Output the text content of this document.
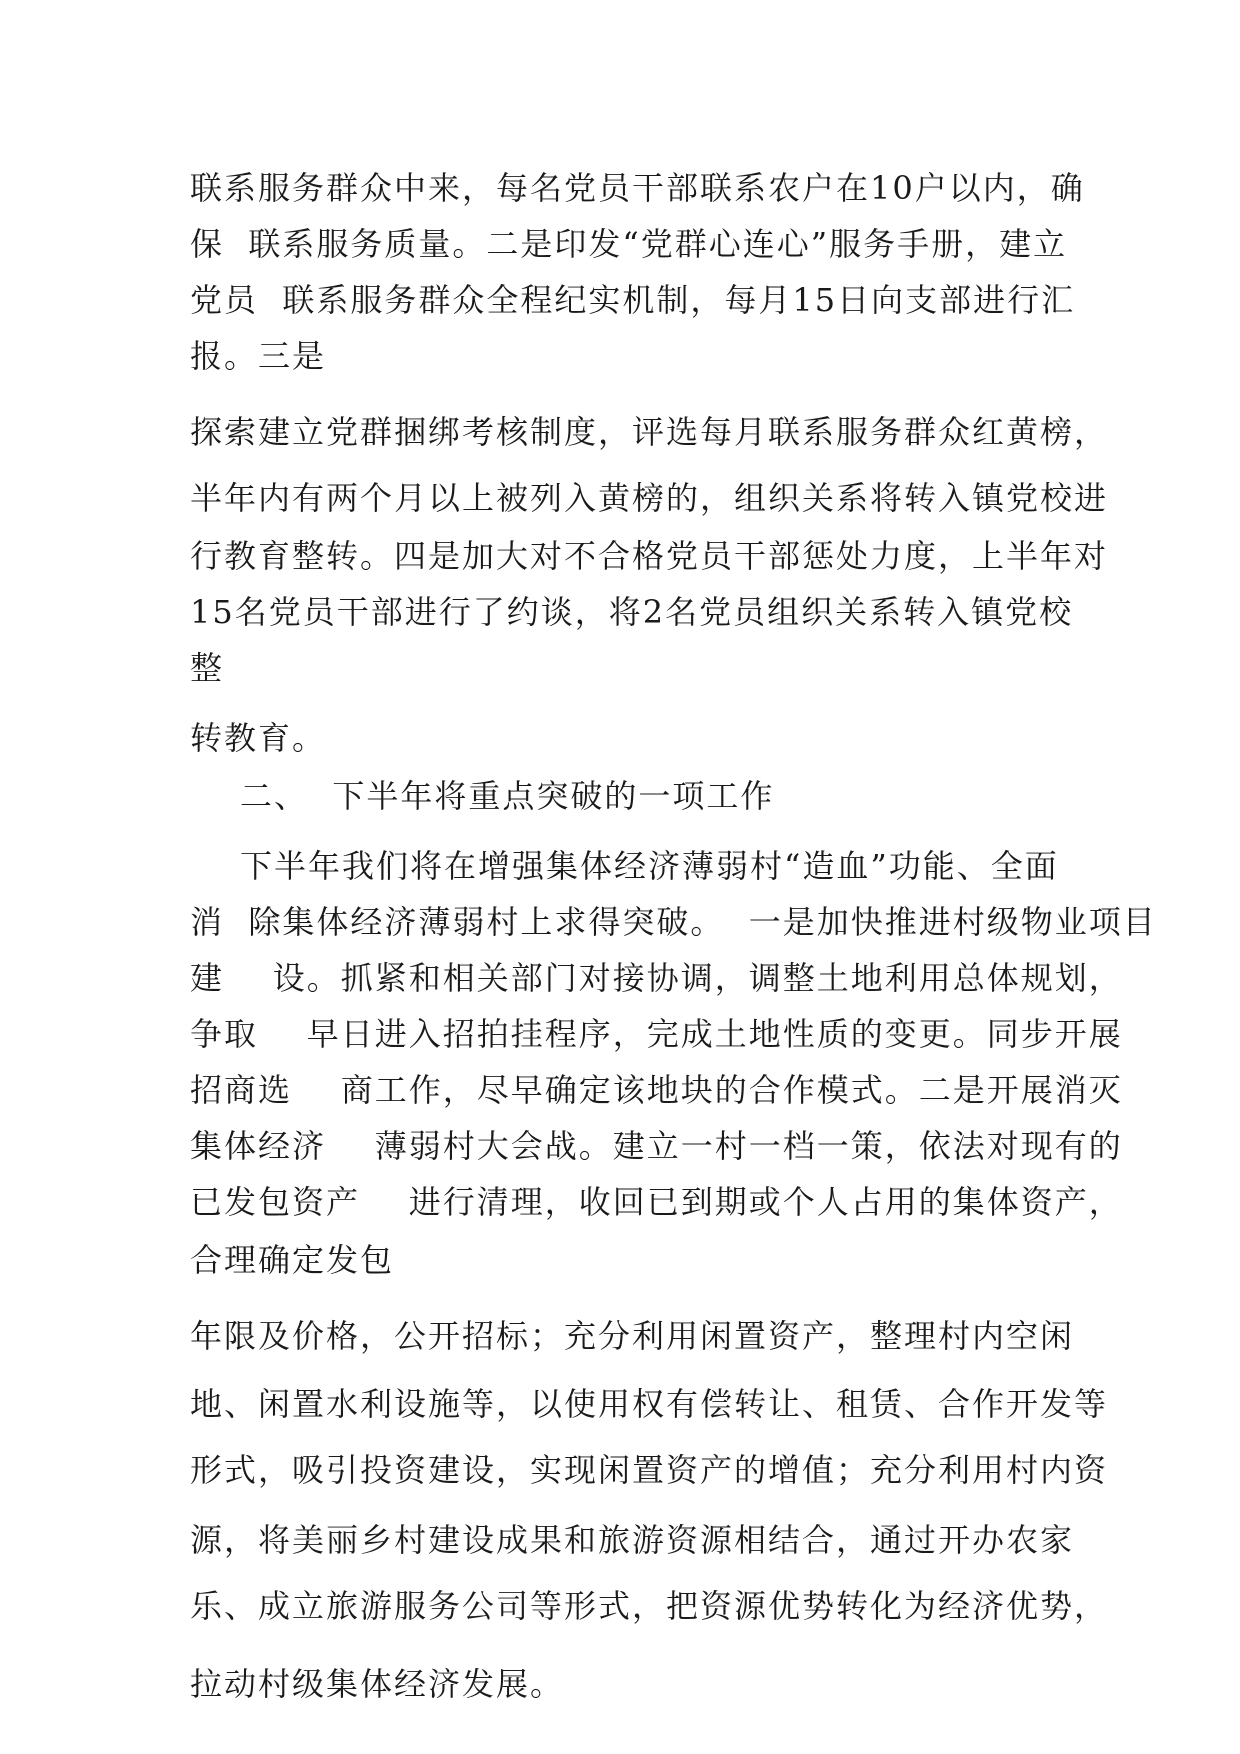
联系服务群众中来，每名党员干部联系农户在10户以内，确
保  联系服务质量。二是印发“党群心连心”服务手册，建立
党员  联系服务群众全程纪实机制，每月15日向支部进行汇
报。三是
探索建立党群捆绑考核制度，评选每月联系服务群众红黄榜，
半年内有两个月以上被列入黄榜的，组织关系将转入镇党校进
行教育整转。四是加大对不合格党员干部惩处力度，上半年对
15名党员干部进行了约谈，将2名党员组织关系转入镇党校
整
转教育。
二、  下半年将重点突破的一项工作
下半年我们将在增强集体经济薄弱村“造血”功能、全面
消  除集体经济薄弱村上求得突破。  一是加快推进村级物业项目
建    设。抓紧和相关部门对接协调，调整土地利用总体规划，
争取    早日进入招拍挂程序，完成土地性质的变更。同步开展
招商选    商工作，尽早确定该地块的合作模式。二是开展消灭
集体经济    薄弱村大会战。建立一村一档一策，依法对现有的
已发包资产    进行清理，收回已到期或个人占用的集体资产，
合理确定发包
年限及价格，公开招标；充分利用闲置资产，整理村内空闲
地、闲置水利设施等，以使用权有偿转让、租赁、合作开发等
形式，吸引投资建设，实现闲置资产的增值；充分利用村内资
源，将美丽乡村建设成果和旅游资源相结合，通过开办农家
乐、成立旅游服务公司等形式，把资源优势转化为经济优势，
拉动村级集体经济发展。
